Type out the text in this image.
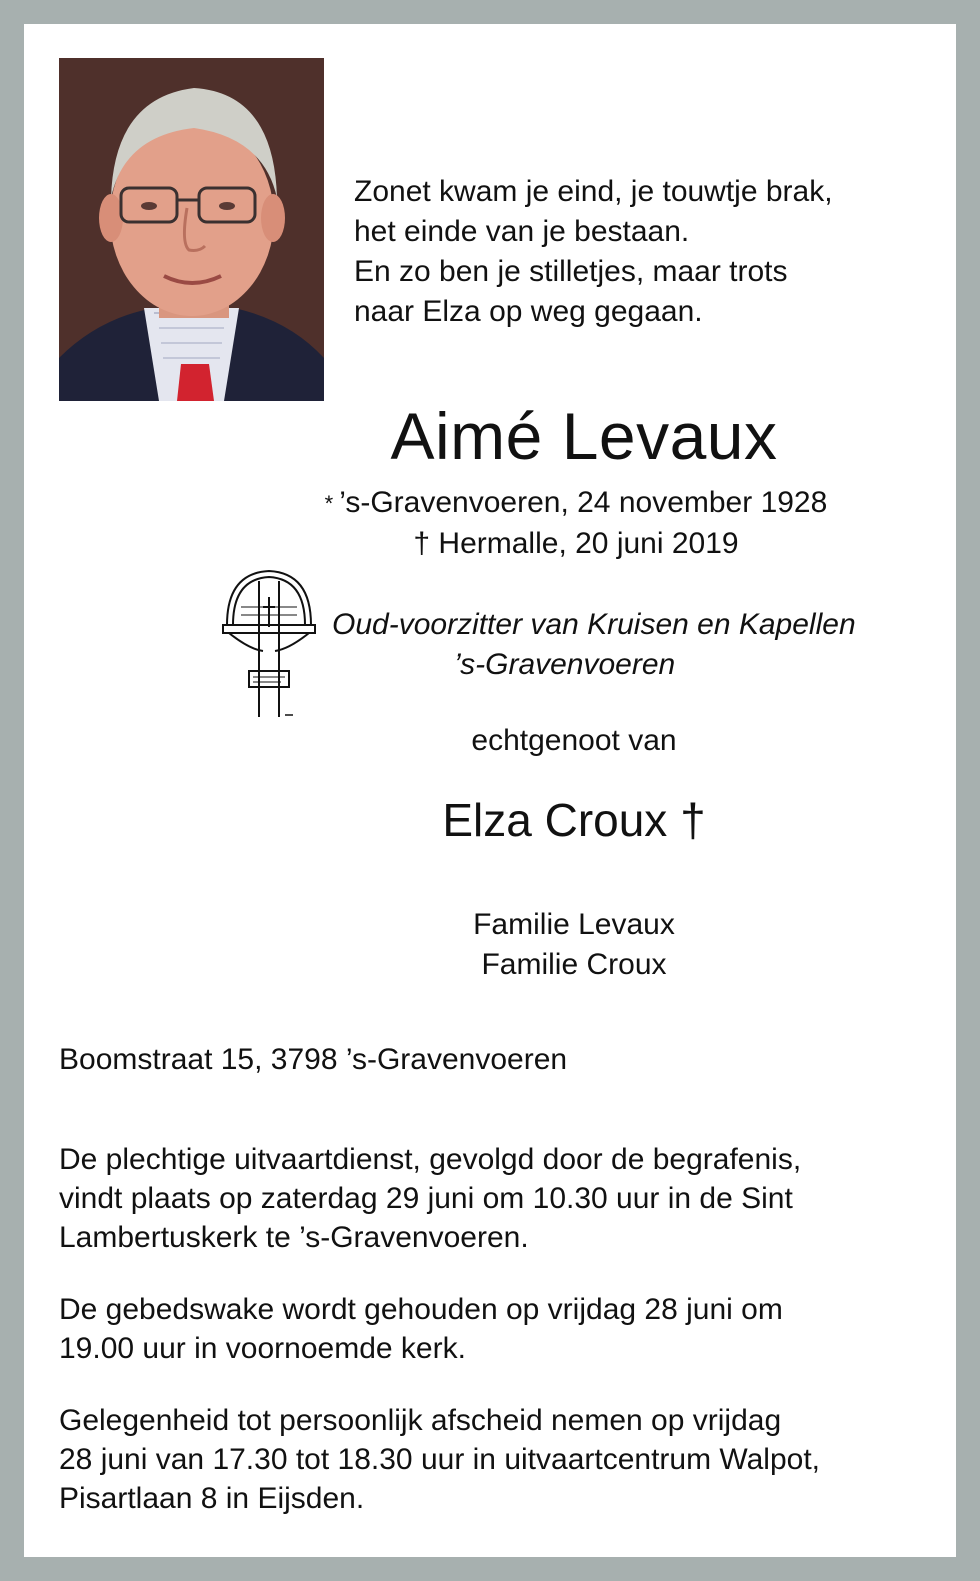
Zonet kwam je eind, je touwtje brak,
het einde van je bestaan.
En zo ben je stilletjes, maar trots
naar Elza op weg gegaan.
Aimé Levaux
* ’s-Gravenvoeren, 24 november 1928
† Hermalle, 20 juni 2019
Oud-voorzitter van Kruisen en Kapellen
’s-Gravenvoeren
echtgenoot van
Elza Croux †
Familie Levaux
Familie Croux
Boomstraat 15, 3798 ’s-Gravenvoeren
De plechtige uitvaartdienst, gevolgd door de begrafenis,
vindt plaats op zaterdag 29 juni om 10.30 uur in de Sint
Lambertuskerk te ’s-Gravenvoeren.
De gebedswake wordt gehouden op vrijdag 28 juni om
19.00 uur in voornoemde kerk.
Gelegenheid tot persoonlijk afscheid nemen op vrijdag
28 juni van 17.30 tot 18.30 uur in uitvaartcentrum Walpot,
Pisartlaan 8 in Eijsden.
